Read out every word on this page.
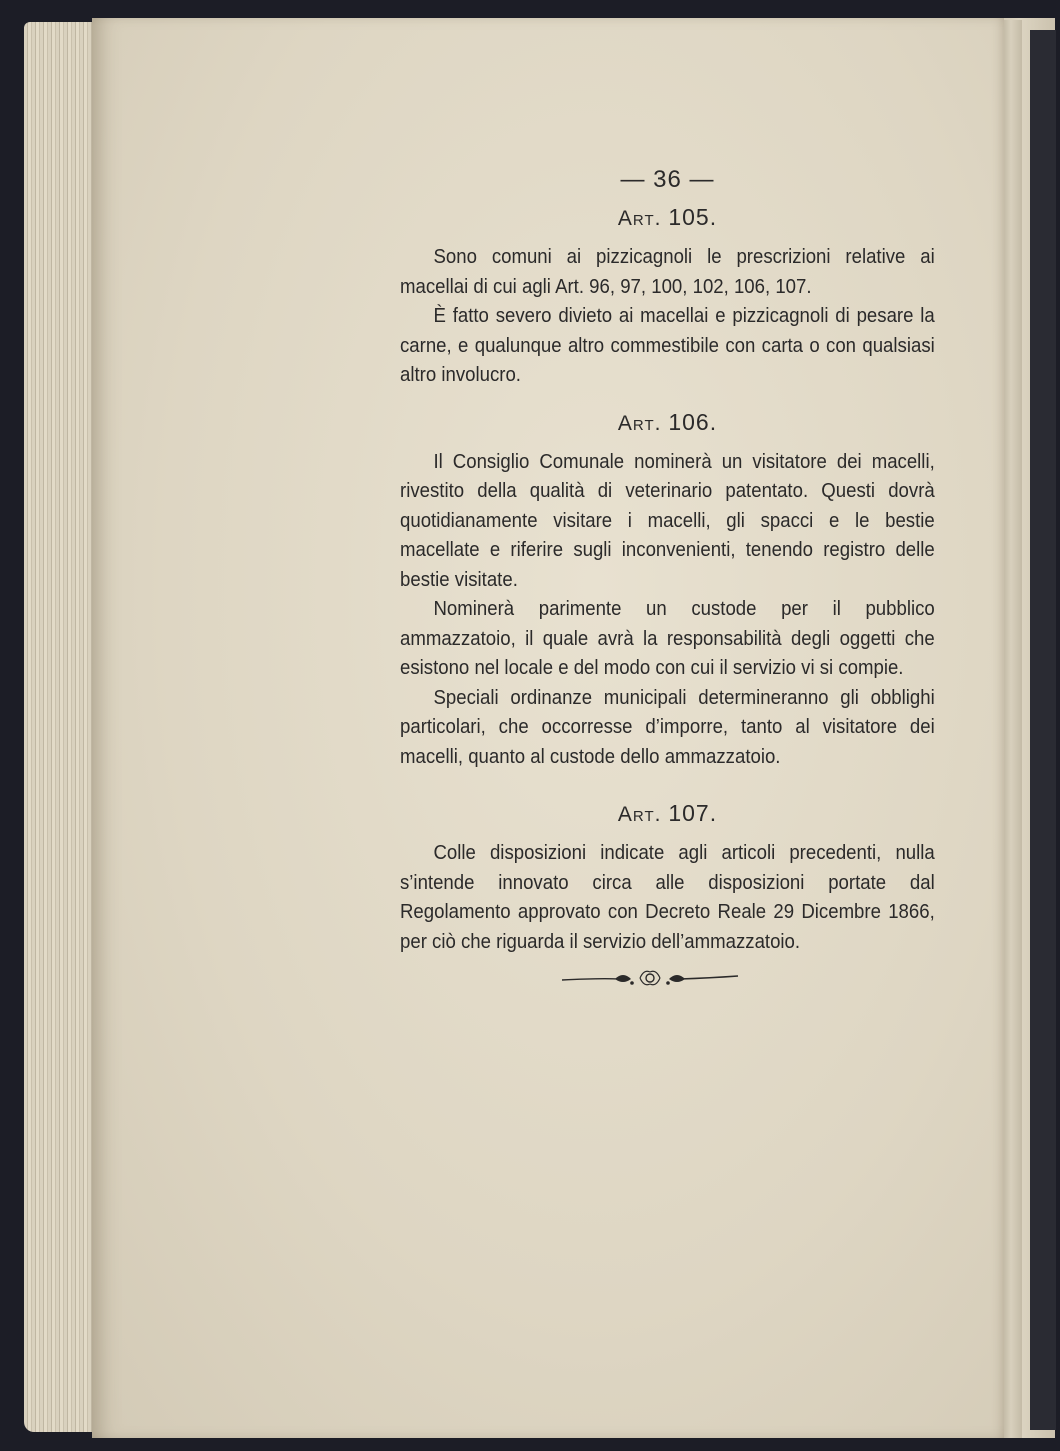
— 36 —
Art. 105.

Sono comuni ai pizzicagnoli le prescrizioni relative ai macellai di cui agli Art. 96, 97, 100, 102, 106, 107.

È fatto severo divieto ai macellai e pizzicagnoli di pesare la carne, e qualunque altro commestibile con carta o con qualsiasi altro involucro.

Art. 106.

Il Consiglio Comunale nominerà un visitatore dei macelli, rivestito della qualità di veterinario patentato. Questi dovrà quotidianamente visitare i macelli, gli spacci e le bestie macellate e riferire sugli inconvenienti, tenendo registro delle bestie visitate.

Nominerà parimente un custode per il pubblico ammazzatoio, il quale avrà la responsabilità degli oggetti che esistono nel locale e del modo con cui il servizio vi si compie.

Speciali ordinanze municipali determineranno gli obblighi particolari, che occorresse d’imporre, tanto al visitatore dei macelli, quanto al custode dello ammazzatoio.

Art. 107.

Colle disposizioni indicate agli articoli precedenti, nulla s’intende innovato circa alle disposizioni portate dal Regolamento approvato con Decreto Reale 29 Dicembre 1866, per ciò che riguarda il servizio dell’ammazzatoio.
